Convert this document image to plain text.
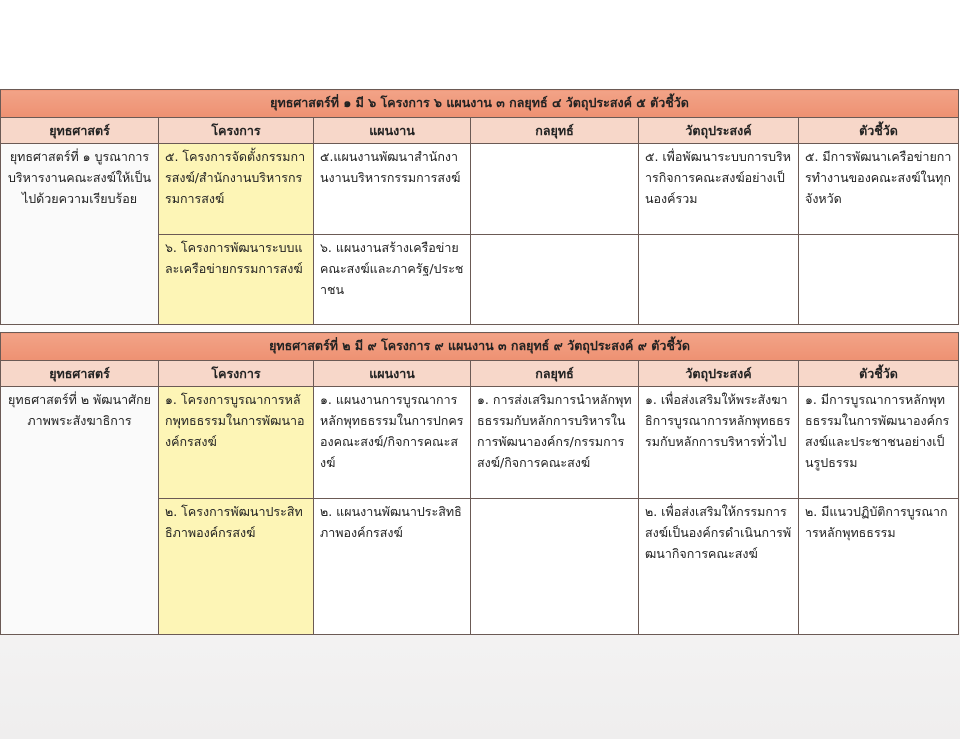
ยุทธศาสตร์ที่ ๑ มี ๖ โครงการ ๖ แผนงาน ๓ กลยุทธ์ ๔ วัตถุประสงค์ ๕ ตัวชี้วัด					
ยุทธศาสตร์	โครงการ	แผนงาน	กลยุทธ์	วัตถุประสงค์	ตัวชี้วัด
ยุทธศาสตร์ที่ ๑ บูรณาการบริหารงานคณะสงฆ์ให้เป็นไปด้วยความเรียบร้อย	๕. โครงการจัดตั้งกรรมการสงฆ์/สำนักงานบริหารกรรมการสงฆ์	๕.แผนงานพัฒนาสำนักงานงานบริหารกรรมการสงฆ์		๕. เพื่อพัฒนาระบบการบริหารกิจการคณะสงฆ์อย่างเป็นองค์รวม	๕. มีการพัฒนาเครือข่ายการทำงานของคณะสงฆ์ในทุกจังหวัด
	๖. โครงการพัฒนาระบบและเครือข่ายกรรมการสงฆ์	๖. แผนงานสร้างเครือข่ายคณะสงฆ์และภาครัฐ/ประชาชน			
ยุทธศาสตร์ที่ ๒ มี ๙ โครงการ ๙ แผนงาน ๓ กลยุทธ์ ๙ วัตถุประสงค์ ๙ ตัวชี้วัด					
ยุทธศาสตร์	โครงการ	แผนงาน	กลยุทธ์	วัตถุประสงค์	ตัวชี้วัด
ยุทธศาสตร์ที่ ๒ พัฒนาศักยภาพพระสังฆาธิการ	๑. โครงการบูรณาการหลักพุทธธรรมในการพัฒนาองค์กรสงฆ์	๑. แผนงานการบูรณาการหลักพุทธธรรมในการปกครองคณะสงฆ์/กิจการคณะสงฆ์	๑. การส่งเสริมการนำหลักพุทธธรรมกับหลักการบริหารในการพัฒนาองค์กร/กรรมการสงฆ์/กิจการคณะสงฆ์	๑. เพื่อส่งเสริมให้พระสังฆาธิการบูรณาการหลักพุทธธรรมกับหลักการบริหารทั่วไป	๑. มีการบูรณาการหลักพุทธธรรมในการพัฒนาองค์กรสงฆ์และประชาชนอย่างเป็นรูปธรรม
	๒. โครงการพัฒนาประสิทธิภาพองค์กรสงฆ์	๒. แผนงานพัฒนาประสิทธิภาพองค์กรสงฆ์		๒. เพื่อส่งเสริมให้กรรมการสงฆ์เป็นองค์กรดำเนินการพัฒนากิจการคณะสงฆ์	๒. มีแนวปฏิบัติการบูรณาการหลักพุทธธรรม
